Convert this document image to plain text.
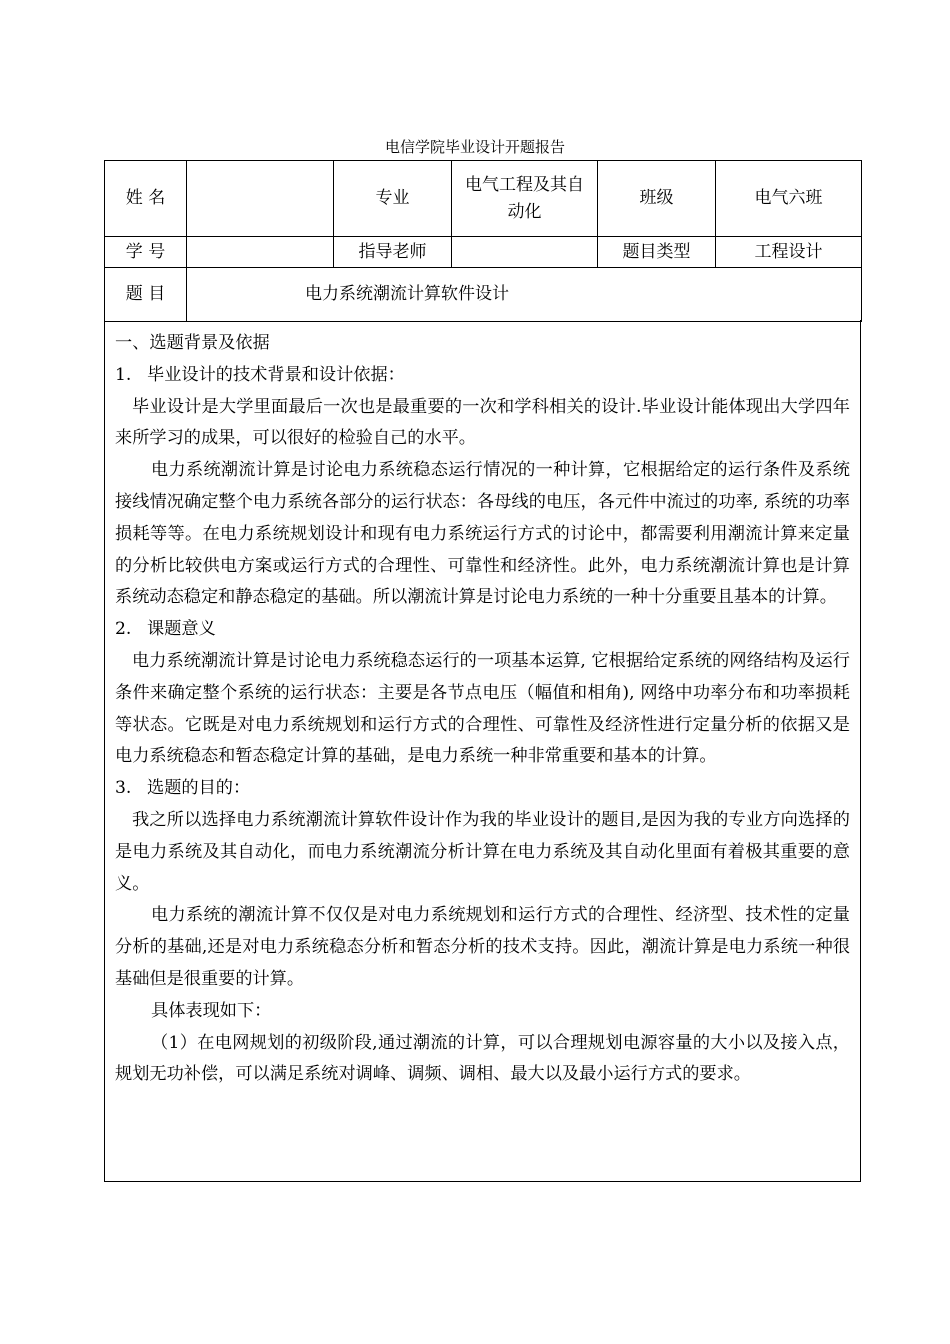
电信学院毕业设计开题报告
姓 名		专业	电气工程及其自动化	班级	电气六班
学 号		指导老师		题目类型	工程设计
题 目	电力系统潮流计算软件设计				

一、选题背景及依据

1. 毕业设计的技术背景和设计依据：

毕业设计是大学里面最后一次也是最重要的一次和学科相关的设计.毕业设计能体现出大学四年来所学习的成果，可以很好的检验自己的水平。

电力系统潮流计算是讨论电力系统稳态运行情况的一种计算，它根据给定的运行条件及系统接线情况确定整个电力系统各部分的运行状态：各母线的电压，各元件中流过的功率, 系统的功率损耗等等。在电力系统规划设计和现有电力系统运行方式的讨论中，都需要利用潮流计算来定量的分析比较供电方案或运行方式的合理性、可靠性和经济性。此外，电力系统潮流计算也是计算系统动态稳定和静态稳定的基础。所以潮流计算是讨论电力系统的一种十分重要且基本的计算。

2. 课题意义

电力系统潮流计算是讨论电力系统稳态运行的一项基本运算, 它根据给定系统的网络结构及运行条件来确定整个系统的运行状态：主要是各节点电压（幅值和相角), 网络中功率分布和功率损耗等状态。它既是对电力系统规划和运行方式的合理性、可靠性及经济性进行定量分析的依据又是电力系统稳态和暂态稳定计算的基础，是电力系统一种非常重要和基本的计算。

3. 选题的目的：

我之所以选择电力系统潮流计算软件设计作为我的毕业设计的题目,是因为我的专业方向选择的是电力系统及其自动化，而电力系统潮流分析计算在电力系统及其自动化里面有着极其重要的意义。

电力系统的潮流计算不仅仅是对电力系统规划和运行方式的合理性、经济型、技术性的定量分析的基础,还是对电力系统稳态分析和暂态分析的技术支持。因此，潮流计算是电力系统一种很基础但是很重要的计算。

具体表现如下：

（1）在电网规划的初级阶段,通过潮流的计算，可以合理规划电源容量的大小以及接入点，规划无功补偿，可以满足系统对调峰、调频、调相、最大以及最小运行方式的要求。
